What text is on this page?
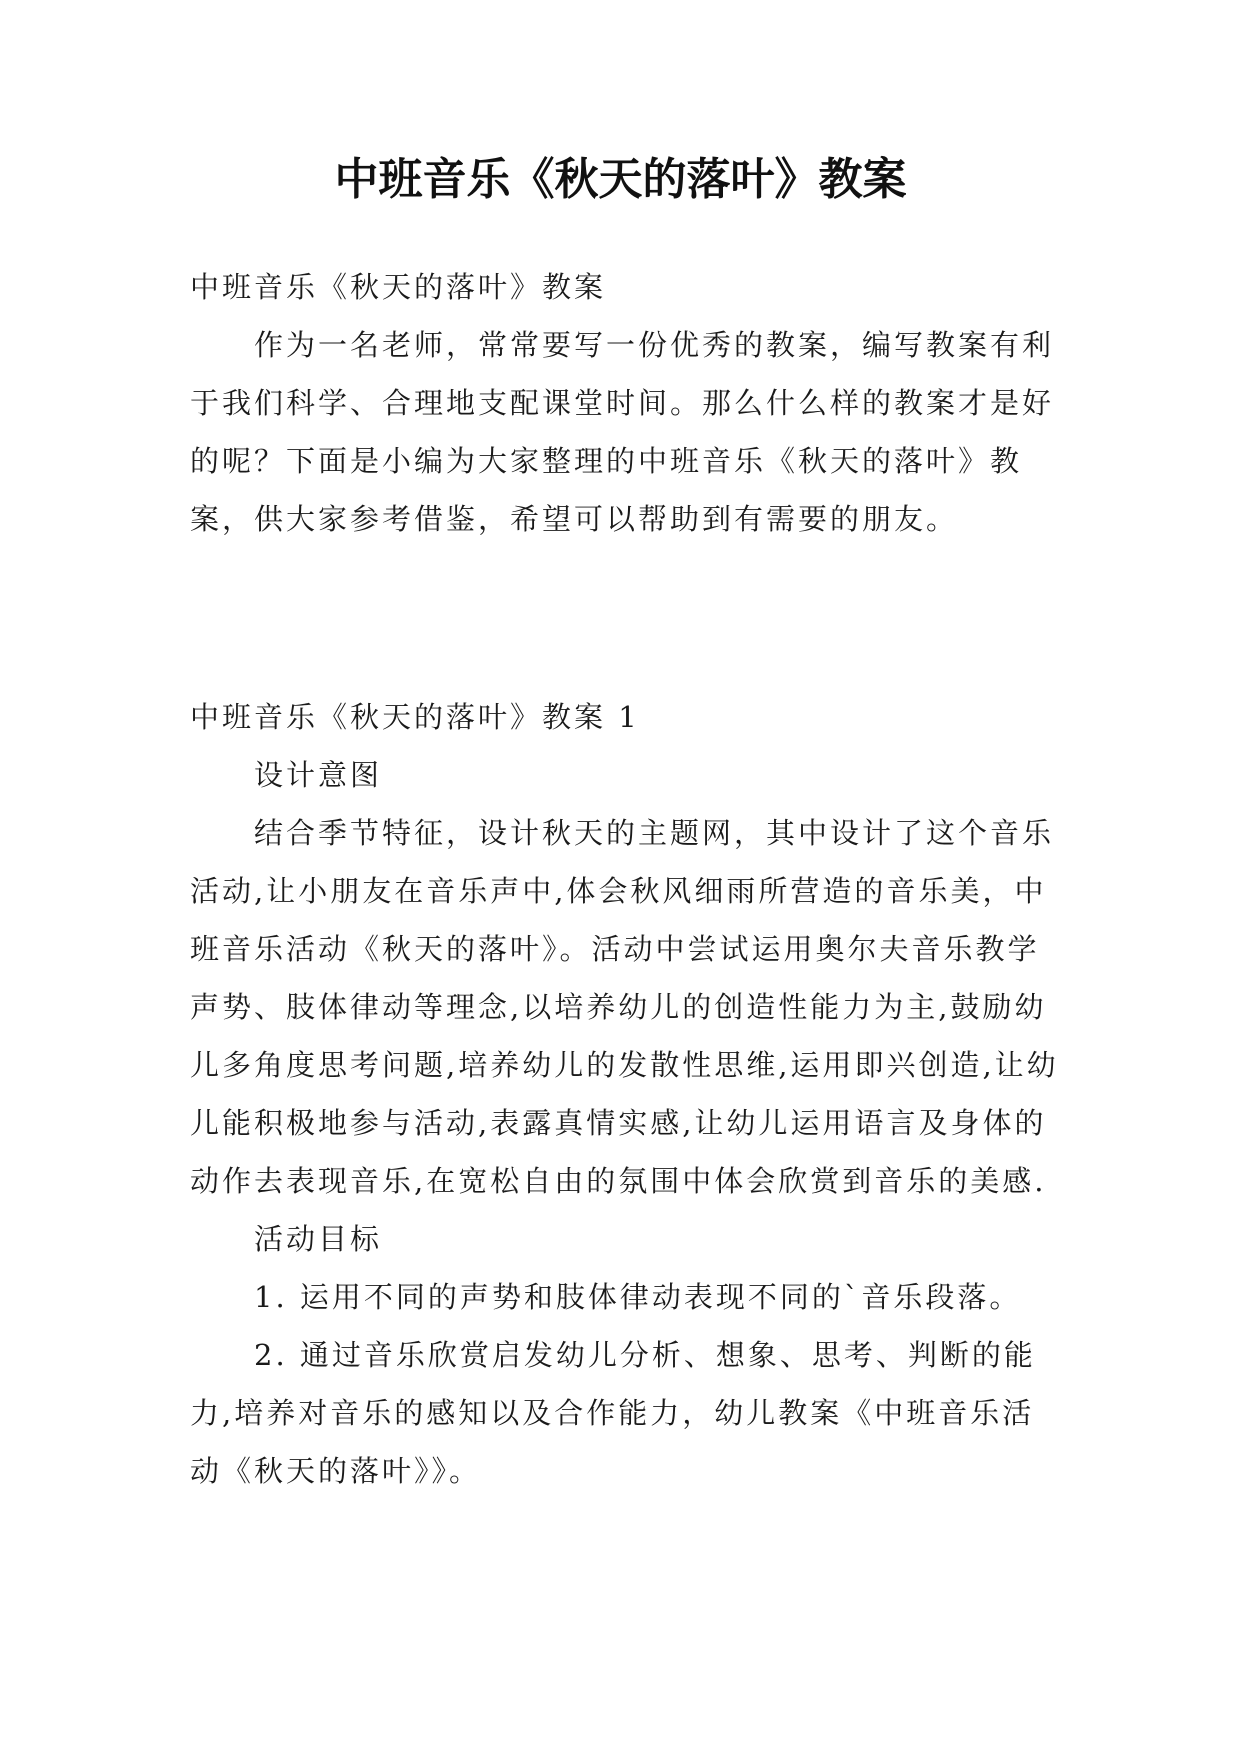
中班音乐《秋天的落叶》教案

中班音乐《秋天的落叶》教案

作为一名老师，常常要写一份优秀的教案，编写教案有利于我们科学、合理地支配课堂时间。那么什么样的教案才是好的呢？下面是小编为大家整理的中班音乐《秋天的落叶》教案，供大家参考借鉴，希望可以帮助到有需要的朋友。

中班音乐《秋天的落叶》教案 1

设计意图

结合季节特征，设计秋天的主题网，其中设计了这个音乐活动,让小朋友在音乐声中,体会秋风细雨所营造的音乐美，中班音乐活动《秋天的落叶》。活动中尝试运用奥尔夫音乐教学声势、肢体律动等理念,以培养幼儿的创造性能力为主,鼓励幼儿多角度思考问题,培养幼儿的发散性思维,运用即兴创造,让幼儿能积极地参与活动,表露真情实感,让幼儿运用语言及身体的动作去表现音乐,在宽松自由的氛围中体会欣赏到音乐的美感.

活动目标

1. 运用不同的声势和肢体律动表现不同的`音乐段落。

2. 通过音乐欣赏启发幼儿分析、想象、思考、判断的能力,培养对音乐的感知以及合作能力，幼儿教案《中班音乐活动《秋天的落叶》》。
